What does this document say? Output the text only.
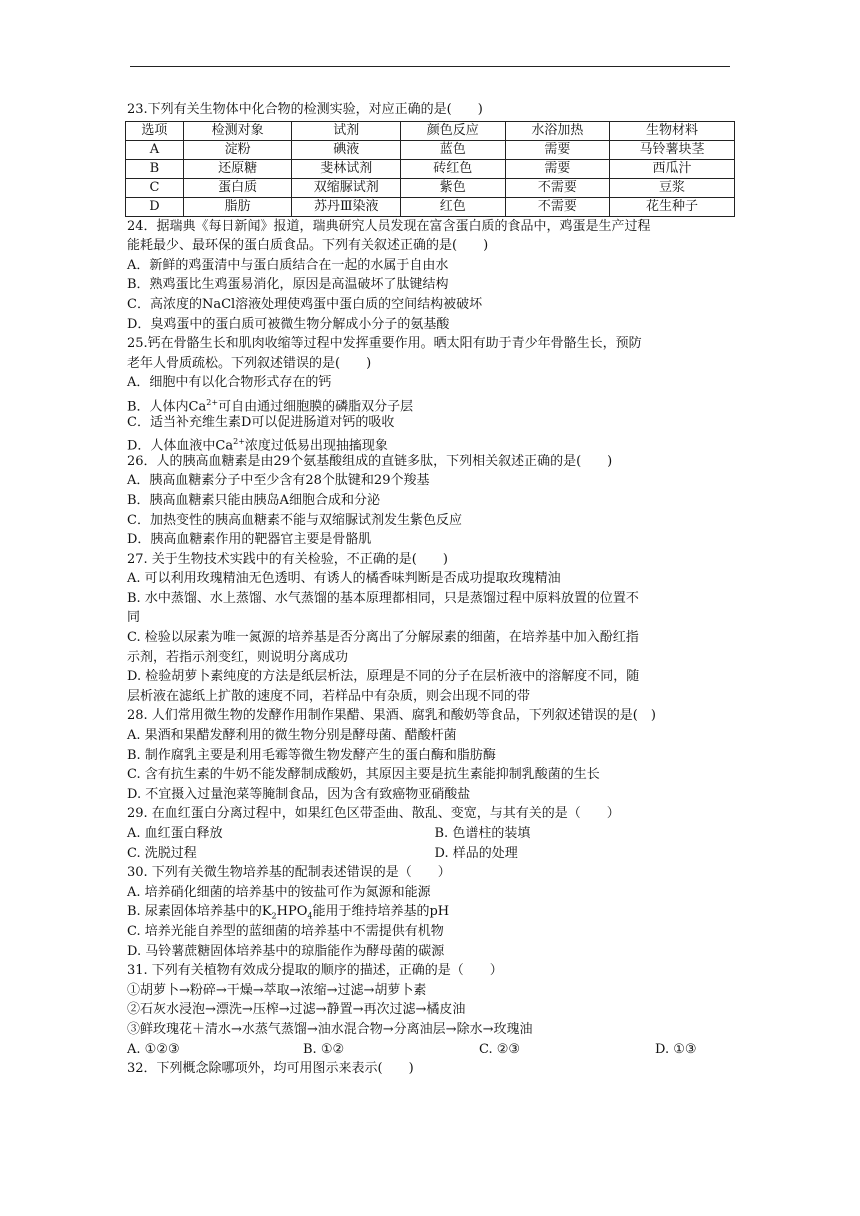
23.下列有关生物体中化合物的检测实验，对应正确的是(　　)
选项	检测对象	试剂	颜色反应	水浴加热	生物材料
A	淀粉	碘液	蓝色	需要	马铃薯块茎
B	还原糖	斐林试剂	砖红色	需要	西瓜汁
C	蛋白质	双缩脲试剂	紫色	不需要	豆浆
D	脂肪	苏丹Ⅲ染液	红色	不需要	花生种子
24．据瑞典《每日新闻》报道，瑞典研究人员发现在富含蛋白质的食品中，鸡蛋是生产过程
能耗最少、最环保的蛋白质食品。下列有关叙述正确的是(　　)
A．新鲜的鸡蛋清中与蛋白质结合在一起的水属于自由水
B．熟鸡蛋比生鸡蛋易消化，原因是高温破坏了肽键结构
C．高浓度的NaCl溶液处理使鸡蛋中蛋白质的空间结构被破坏
D．臭鸡蛋中的蛋白质可被微生物分解成小分子的氨基酸
25.钙在骨骼生长和肌肉收缩等过程中发挥重要作用。晒太阳有助于青少年骨骼生长，预防
老年人骨质疏松。下列叙述错误的是(　　)
A．细胞中有以化合物形式存在的钙
B．人体内$Ca^{2+}$可自由通过细胞膜的磷脂双分子层
C．适当补充维生素D可以促进肠道对钙的吸收
D．人体血液中$Ca^{2+}$浓度过低易出现抽搐现象
26．人的胰高血糖素是由29个氨基酸组成的直链多肽，下列相关叙述正确的是(　　)
A．胰高血糖素分子中至少含有28个肽键和29个羧基
B．胰高血糖素只能由胰岛A细胞合成和分泌
C．加热变性的胰高血糖素不能与双缩脲试剂发生紫色反应
D．胰高血糖素作用的靶器官主要是骨骼肌
27. 关于生物技术实践中的有关检验，不正确的是(　　)
A. 可以利用玫瑰精油无色透明、有诱人的橘香味判断是否成功提取玫瑰精油
B. 水中蒸馏、水上蒸馏、水气蒸馏的基本原理都相同，只是蒸馏过程中原料放置的位置不
同
C. 检验以尿素为唯一氮源的培养基是否分离出了分解尿素的细菌，在培养基中加入酚红指
示剂，若指示剂变红，则说明分离成功
D. 检验胡萝卜素纯度的方法是纸层析法，原理是不同的分子在层析液中的溶解度不同，随
层析液在滤纸上扩散的速度不同，若样品中有杂质，则会出现不同的带
28. 人们常用微生物的发酵作用制作果醋、果酒、腐乳和酸奶等食品，下列叙述错误的是(　)
A. 果酒和果醋发酵利用的微生物分别是酵母菌、醋酸杆菌
B. 制作腐乳主要是利用毛霉等微生物发酵产生的蛋白酶和脂肪酶
C. 含有抗生素的牛奶不能发酵制成酸奶，其原因主要是抗生素能抑制乳酸菌的生长
D. 不宜摄入过量泡菜等腌制食品，因为含有致癌物亚硝酸盐
29. 在血红蛋白分离过程中，如果红色区带歪曲、散乱、变宽，与其有关的是（　　）
A. 血红蛋白释放	B. 色谱柱的装填
C. 洗脱过程	D. 样品的处理
30. 下列有关微生物培养基的配制表述错误的是（　　）
A. 培养硝化细菌的培养基中的铵盐可作为氮源和能源
B. 尿素固体培养基中的$K_2HPO_4$能用于维持培养基的pH
C. 培养光能自养型的蓝细菌的培养基中不需提供有机物
D. 马铃薯蔗糖固体培养基中的琼脂能作为酵母菌的碳源
31. 下列有关植物有效成分提取的顺序的描述，正确的是（　　）
①胡萝卜→粉碎→干燥→萃取→浓缩→过滤→胡萝卜素
②石灰水浸泡→漂洗→压榨→过滤→静置→再次过滤→橘皮油
③鲜玫瑰花＋清水→水蒸气蒸馏→油水混合物→分离油层→除水→玫瑰油
A. ①②③	B. ①②	C. ②③	D. ①③
32．下列概念除哪项外，均可用图示来表示(　　)
